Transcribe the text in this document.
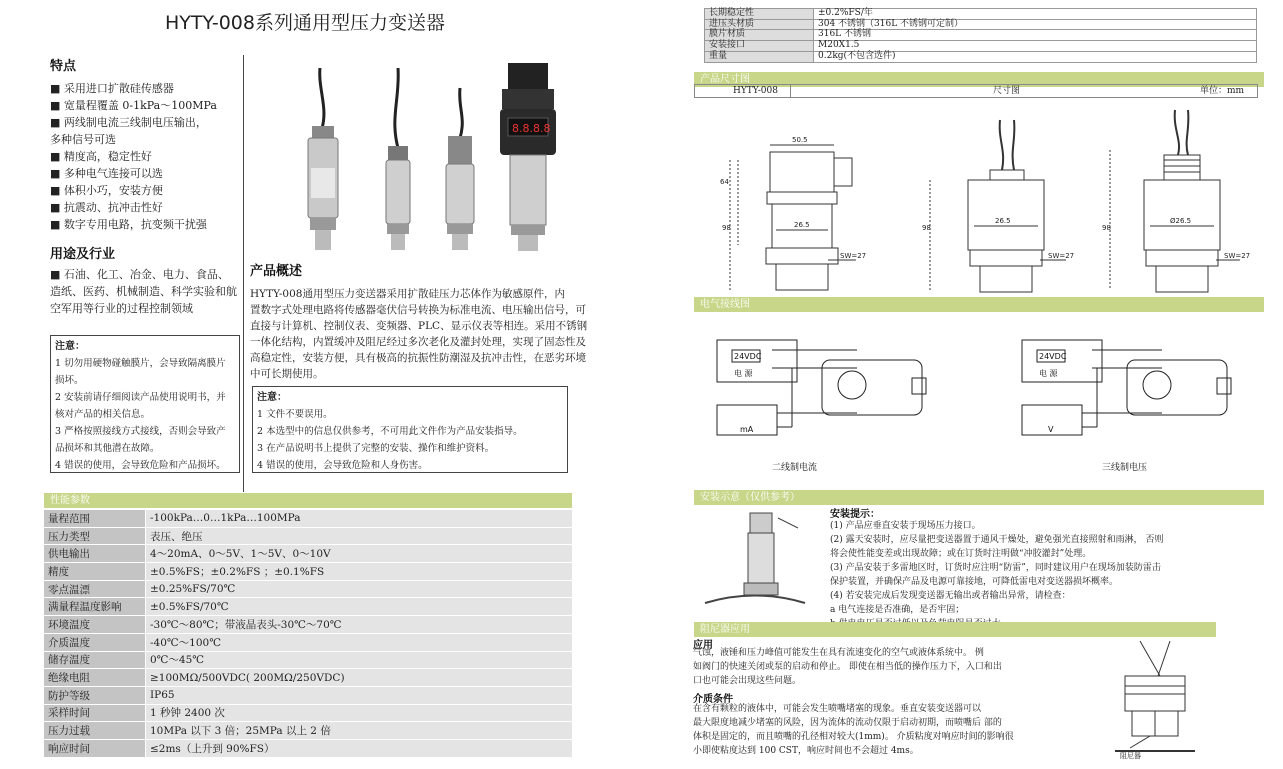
HYTY-008系列通用型压力变送器
特点
■ 采用进口扩散硅传感器
■ 宽量程覆盖 0-1kPa～100MPa
■ 两线制电流三线制电压输出，
多种信号可选
■ 精度高，稳定性好
■ 多种电气连接可以选
■ 体积小巧，安装方便
■ 抗震动、抗冲击性好
■ 数字专用电路，抗变频干扰强
用途及行业
■ 石油、化工、冶金、电力、食品、
造纸、医药、机械制造、科学实验和航
空军用等行业的过程控制领域
注意：
1 切勿用硬物碰触膜片，会导致隔离膜片
损坏。
2 安装前请仔细阅读产品使用说明书，并
核对产品的相关信息。
3 严格按照接线方式接线，否则会导致产
品损坏和其他潜在故障。
4 错误的使用，会导致危险和产品损坏。
8.8.8.8
产品概述
HYTY-008通用型压力变送器采用扩散硅压力芯体作为敏感原件，内
置数字式处理电路将传感器毫伏信号转换为标准电流、电压输出信号，可
直接与计算机、控制仪表、变频器、PLC、显示仪表等相连。采用不锈钢
一体化结构，内置缓冲及阻尼经过多次老化及灌封处理，实现了固态性及
高稳定性，安装方便，具有极高的抗振性防潮湿及抗冲击性，在恶劣环境
中可长期使用。
注意：
1 文件不要误用。
2 本选型中的信息仅供参考，不可用此文件作为产品安装指导。
3 在产品说明书上提供了完整的安装、操作和维护资料。
4 错误的使用，会导致危险和人身伤害。
性能参数
量程范围		-100kPa…0…1kPa…100MPa
压力类型		表压、绝压
供电输出		4～20mA、0～5V、1～5V、0～10V
精度		±0.5%FS；±0.2%FS ；±0.1%FS
零点温漂		±0.25%FS/70℃
满量程温度影响		±0.5%FS/70℃
环境温度		-30℃～80℃；带液晶表头-30℃～70℃
介质温度		-40℃～100℃
储存温度		0℃～45℃
绝缘电阻		≥100MΩ/500VDC( 200MΩ/250VDC)
防护等级		IP65
采样时间		1 秒钟 2400 次
压力过载		10MPa 以下 3 倍；25MPa 以上 2 倍
响应时间		≤2ms（上升到 90%FS）
长期稳定性	±0.2%FS/年
进压头材质	304 不锈钢（316L 不锈钢可定制）
膜片材质	316L 不锈钢
安装接口	M20X1.5
重量	0.2kg(不包含选件)
产品尺寸图
HYTY-008	尺寸图	单位：mm
50.5
26.5
SW=27
26.5
SW=27
Ø26.5
SW=27
64
98	98	98
电气接线图
24VDC
电 源
mA
24VDC
电 源
V
二线制电流	三线制电压
安装示意（仅供参考）
安装提示：
(1) 产品应垂直安装于现场压力接口。
(2) 露天安装时，应尽量把变送器置于通风干燥处，避免强光直接照射和雨淋， 否则
将会使性能变差或出现故障；或在订货时注明做“冲胶灌封”处理。
(3) 产品安装于多雷地区时，订货时应注明“防雷”，同时建议用户在现场加装防雷击
保护装置，并确保产品及电源可靠接地，可降低雷电对变送器损坏概率。
(4) 若安装完成后发现变送器无输出或者输出异常，请检查：
a 电气连接是否准确，是否牢固；
阻尼器应用
应用
气蚀，液锤和压力峰值可能发生在具有流速变化的空气或液体系统中。 例
如阀门的快速关闭或泵的启动和停止。 即使在相当低的操作压力下，入口和出
口也可能会出现这些问题。
介质条件
在含有颗粒的液体中，可能会发生喷嘴堵塞的现象。垂直安装变送器可以
最大限度地减少堵塞的风险，因为流体的流动仅限于启动初期，而喷嘴后 部的
体积是固定的，而且喷嘴的孔径相对较大(1mm)。 介质粘度对响应时间的影响很
小即使粘度达到 100 CST，响应时间也不会超过 4ms。	阻尼器
